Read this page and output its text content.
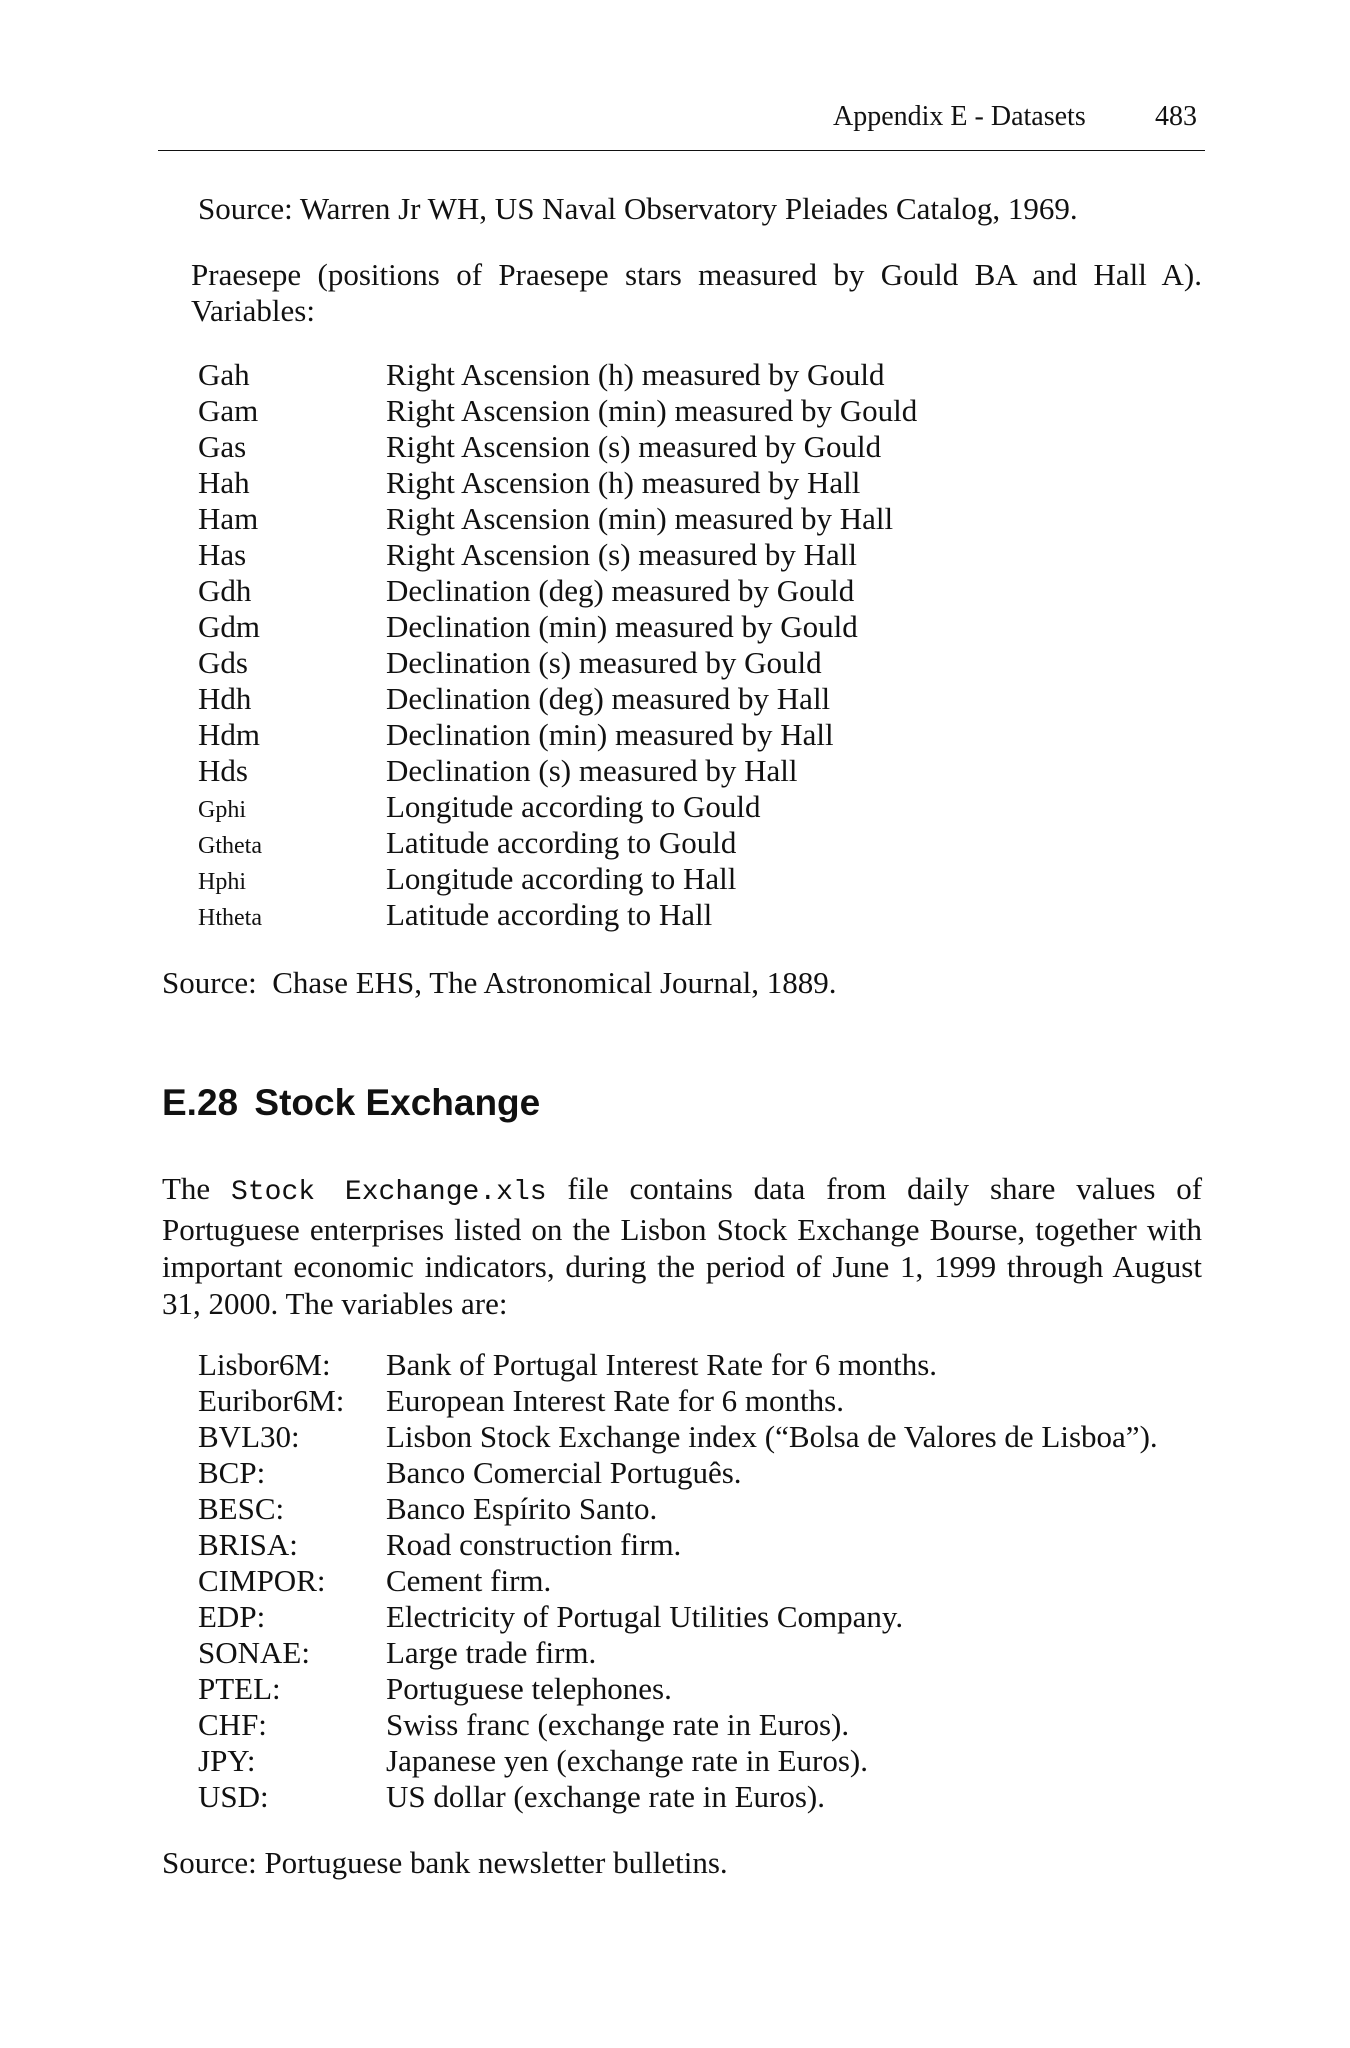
Appendix E - Datasets 483
Source: Warren Jr WH, US Naval Observatory Pleiades Catalog, 1969.
Praesepe (positions of Praesepe stars measured by Gould BA and Hall A).
Variables:
Gah	Right Ascension (h) measured by Gould
Gam	Right Ascension (min) measured by Gould
Gas	Right Ascension (s) measured by Gould
Hah	Right Ascension (h) measured by Hall
Ham	Right Ascension (min) measured by Hall
Has	Right Ascension (s) measured by Hall
Gdh	Declination (deg) measured by Gould
Gdm	Declination (min) measured by Gould
Gds	Declination (s) measured by Gould
Hdh	Declination (deg) measured by Hall
Hdm	Declination (min) measured by Hall
Hds	Declination (s) measured by Hall
Gphi	Longitude according to Gould
Gtheta	Latitude according to Gould
Hphi	Longitude according to Hall
Htheta	Latitude according to Hall
Source:  Chase EHS, The Astronomical Journal, 1889.
E.28 Stock Exchange
The Stock Exchange.xls file contains data from daily share values of
Portuguese enterprises listed on the Lisbon Stock Exchange Bourse, together with
important economic indicators, during the period of June 1, 1999 through August
31, 2000. The variables are:
Lisbor6M: Bank of Portugal Interest Rate for 6 months.
Euribor6M: European Interest Rate for 6 months.
BVL30:	Lisbon Stock Exchange index (“Bolsa de Valores de Lisboa”).
BCP:	Banco Comercial Português.
BESC:	Banco Espírito Santo.
BRISA:	Road construction firm.
CIMPOR: Cement firm.
EDP:	Electricity of Portugal Utilities Company.
SONAE: Large trade firm.
PTEL:	Portuguese telephones.
CHF:	Swiss franc (exchange rate in Euros).
JPY:	Japanese yen (exchange rate in Euros).
USD:	US dollar (exchange rate in Euros).
Source: Portuguese bank newsletter bulletins.
